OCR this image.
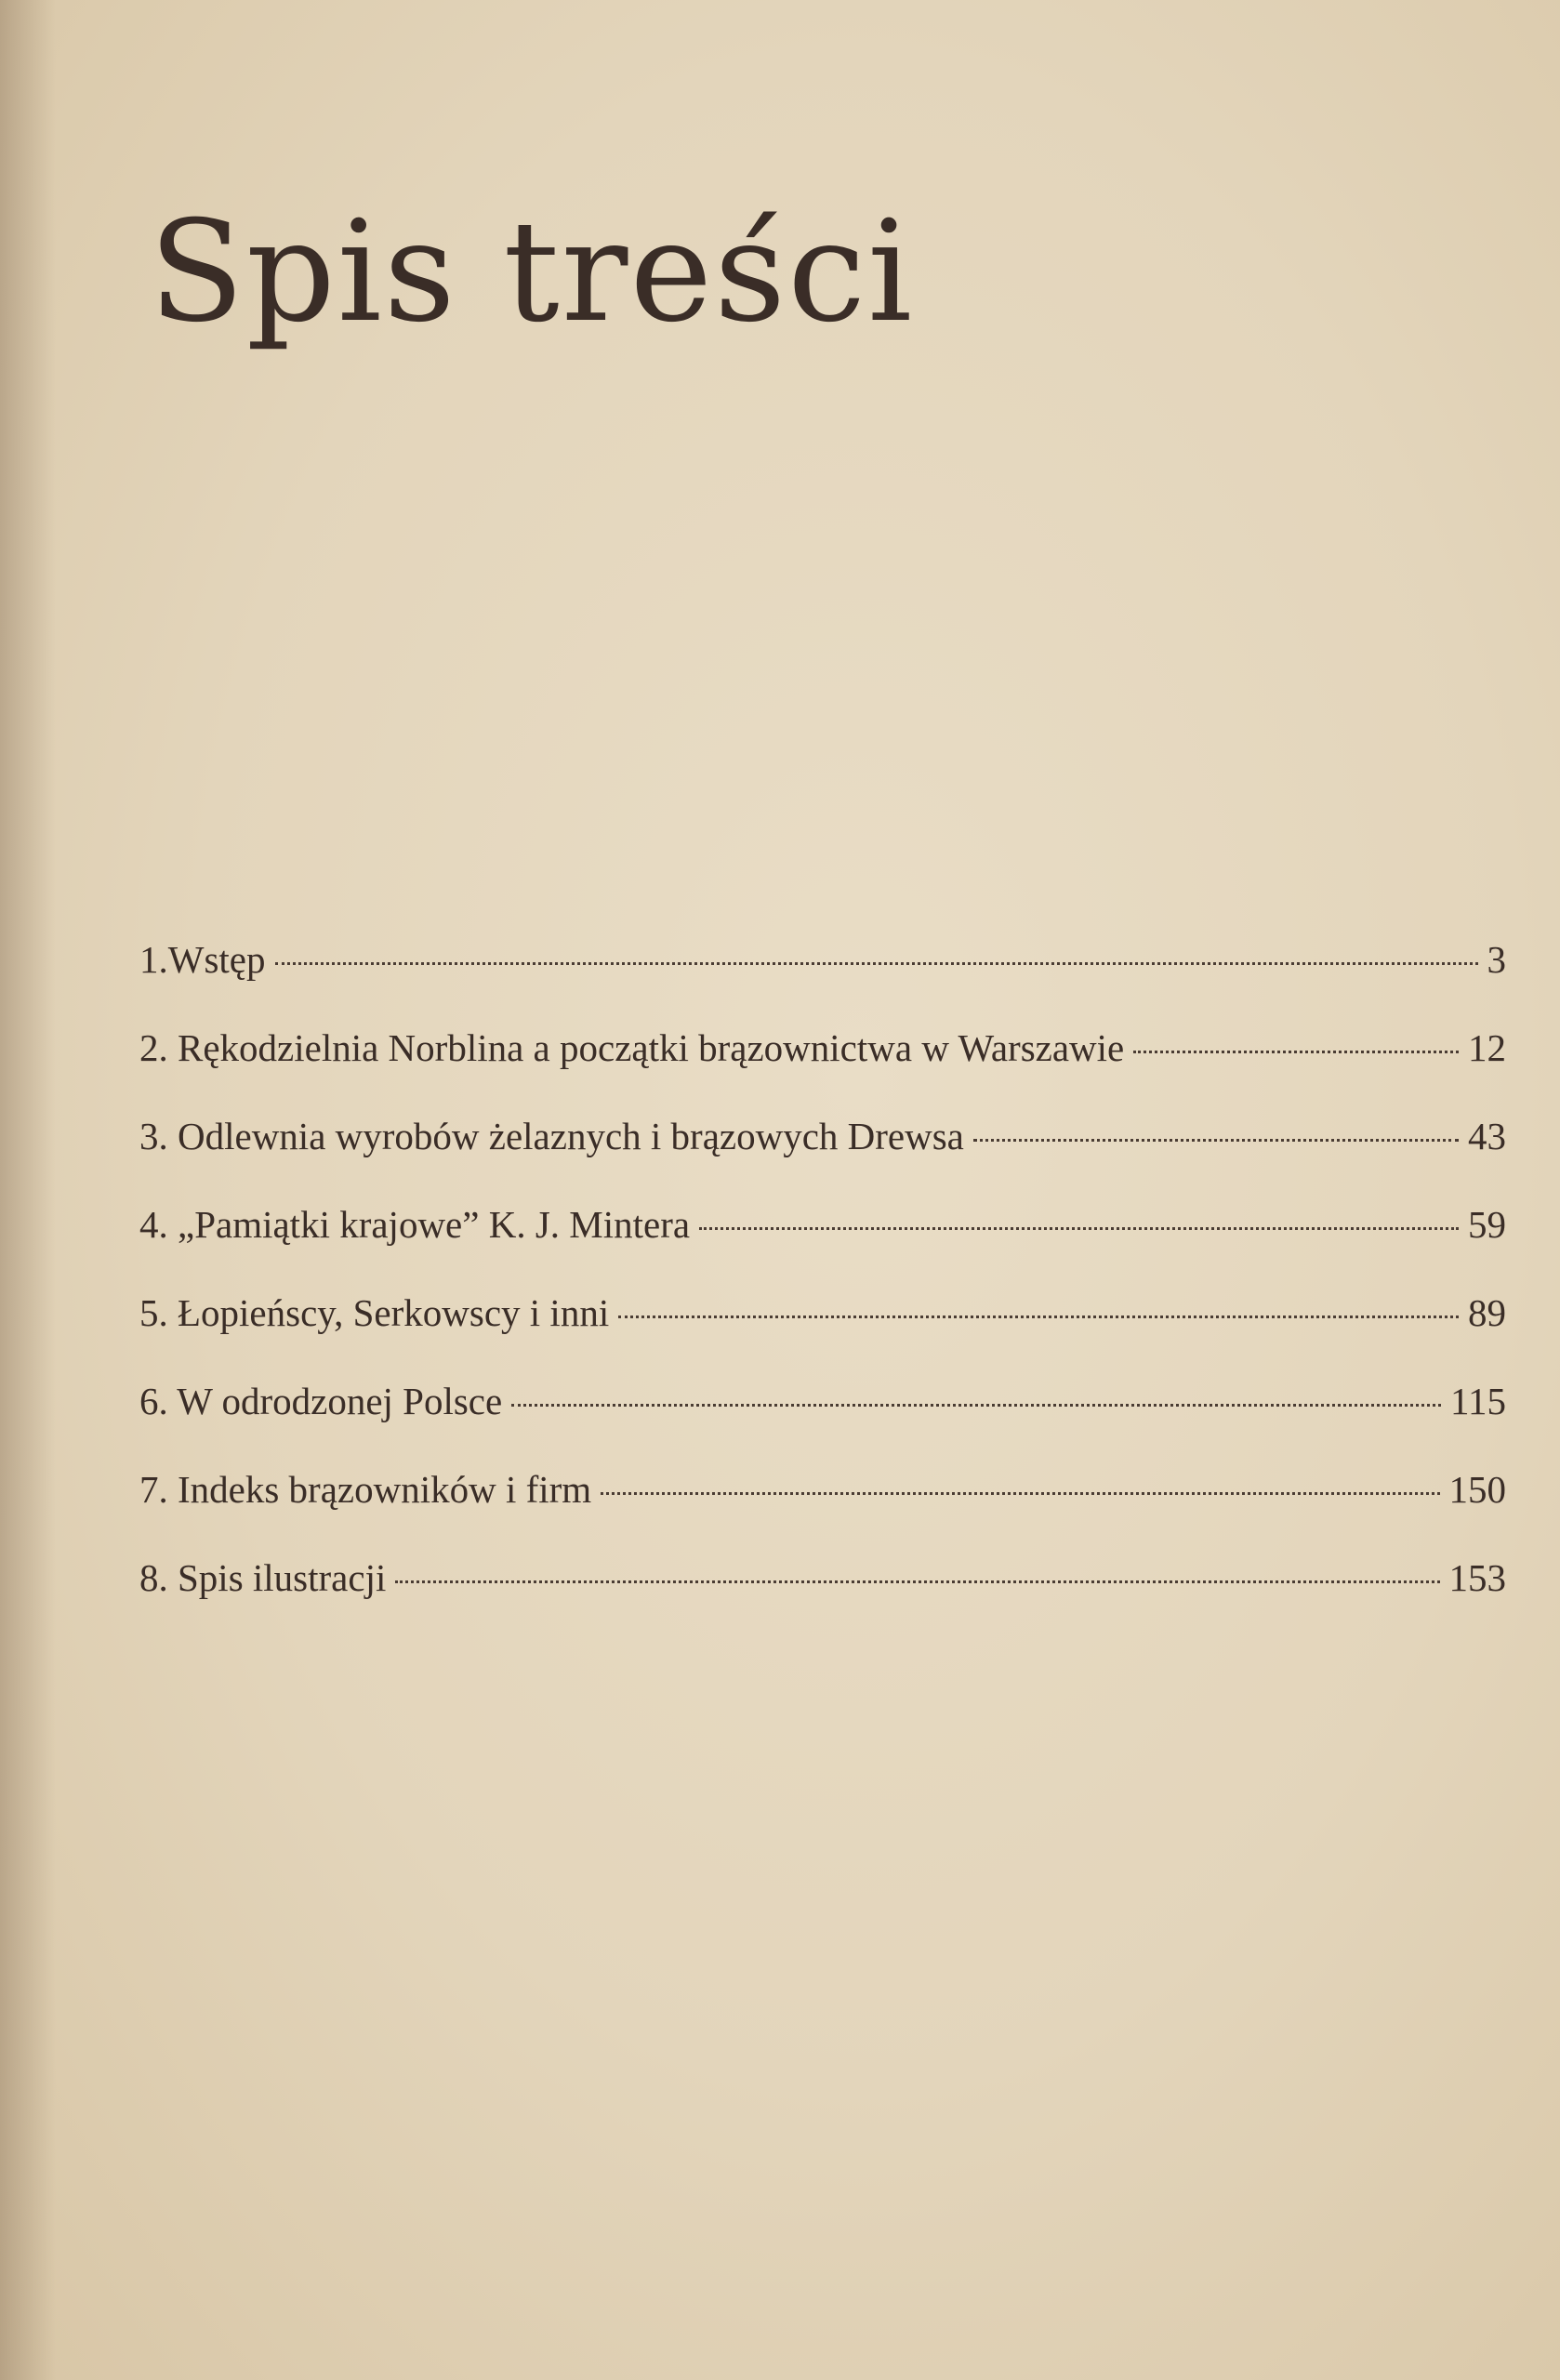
Spis treści
1.Wstęp	3
2. Rękodzielnia Norblina a początki brązownictwa w Warszawie	12
3. Odlewnia wyrobów żelaznych i brązowych Drewsa	43
4. „Pamiątki krajowe” K. J. Mintera	59
5. Łopieńscy, Serkowscy i inni	89
6. W odrodzonej Polsce	115
7. Indeks brązowników i firm	150
8. Spis ilustracji	153
